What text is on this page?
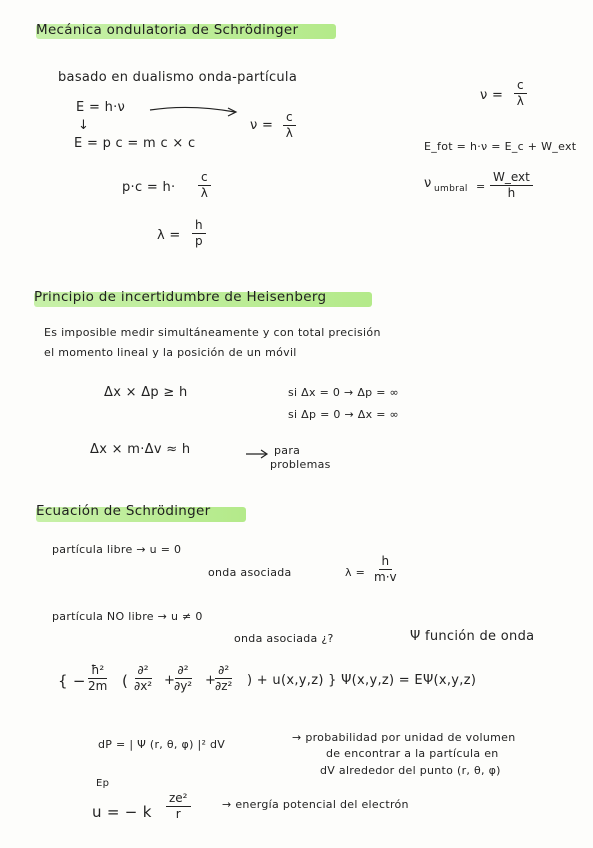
Mecánica ondulatoria de Schrödinger
basado en dualismo onda-partícula
E = h·ν
$\nu = \frac{c}{\lambda}$
↓
E = p c = m c × c
$p\cdot c = h\cdot \frac{c}{\lambda}$
$\lambda = \frac{h}{p}$
$\nu = \frac{c}{\lambda}$
E_fot = h·ν = E_c + W_ext
ν umbral =
W_ext
h
Principio de incertidumbre de Heisenberg
Es imposible medir simultáneamente y con total precisión
el momento lineal y la posición de un móvil
Δx × Δp ≥ h	si Δx = 0 → Δp = ∞
si Δp = 0 → Δx = ∞
Δx × m·Δv ≈ h	para
problemas
Ecuación de Schrödinger
partícula libre → u = 0
onda asociada	$\lambda = \frac{h}{m\cdot v}$
partícula NO libre → u ≠ 0
onda asociada ¿?	Ψ función de onda
{ − $\frac{\text{ħ²}}{2m}$ (
∂²
∂x² +
∂²
∂y² +
∂²
∂z² ) + u(x,y,z) } Ψ(x,y,z) = EΨ(x,y,z)
dP = | Ψ (r, θ, φ) |² dV
→ probabilidad por unidad de volumen
de encontrar a la partícula en
dV alrededor del punto (r, θ, φ)
Ep
u = − k $\frac{\text{ze²}}{r}$	→ energía potencial del electrón
